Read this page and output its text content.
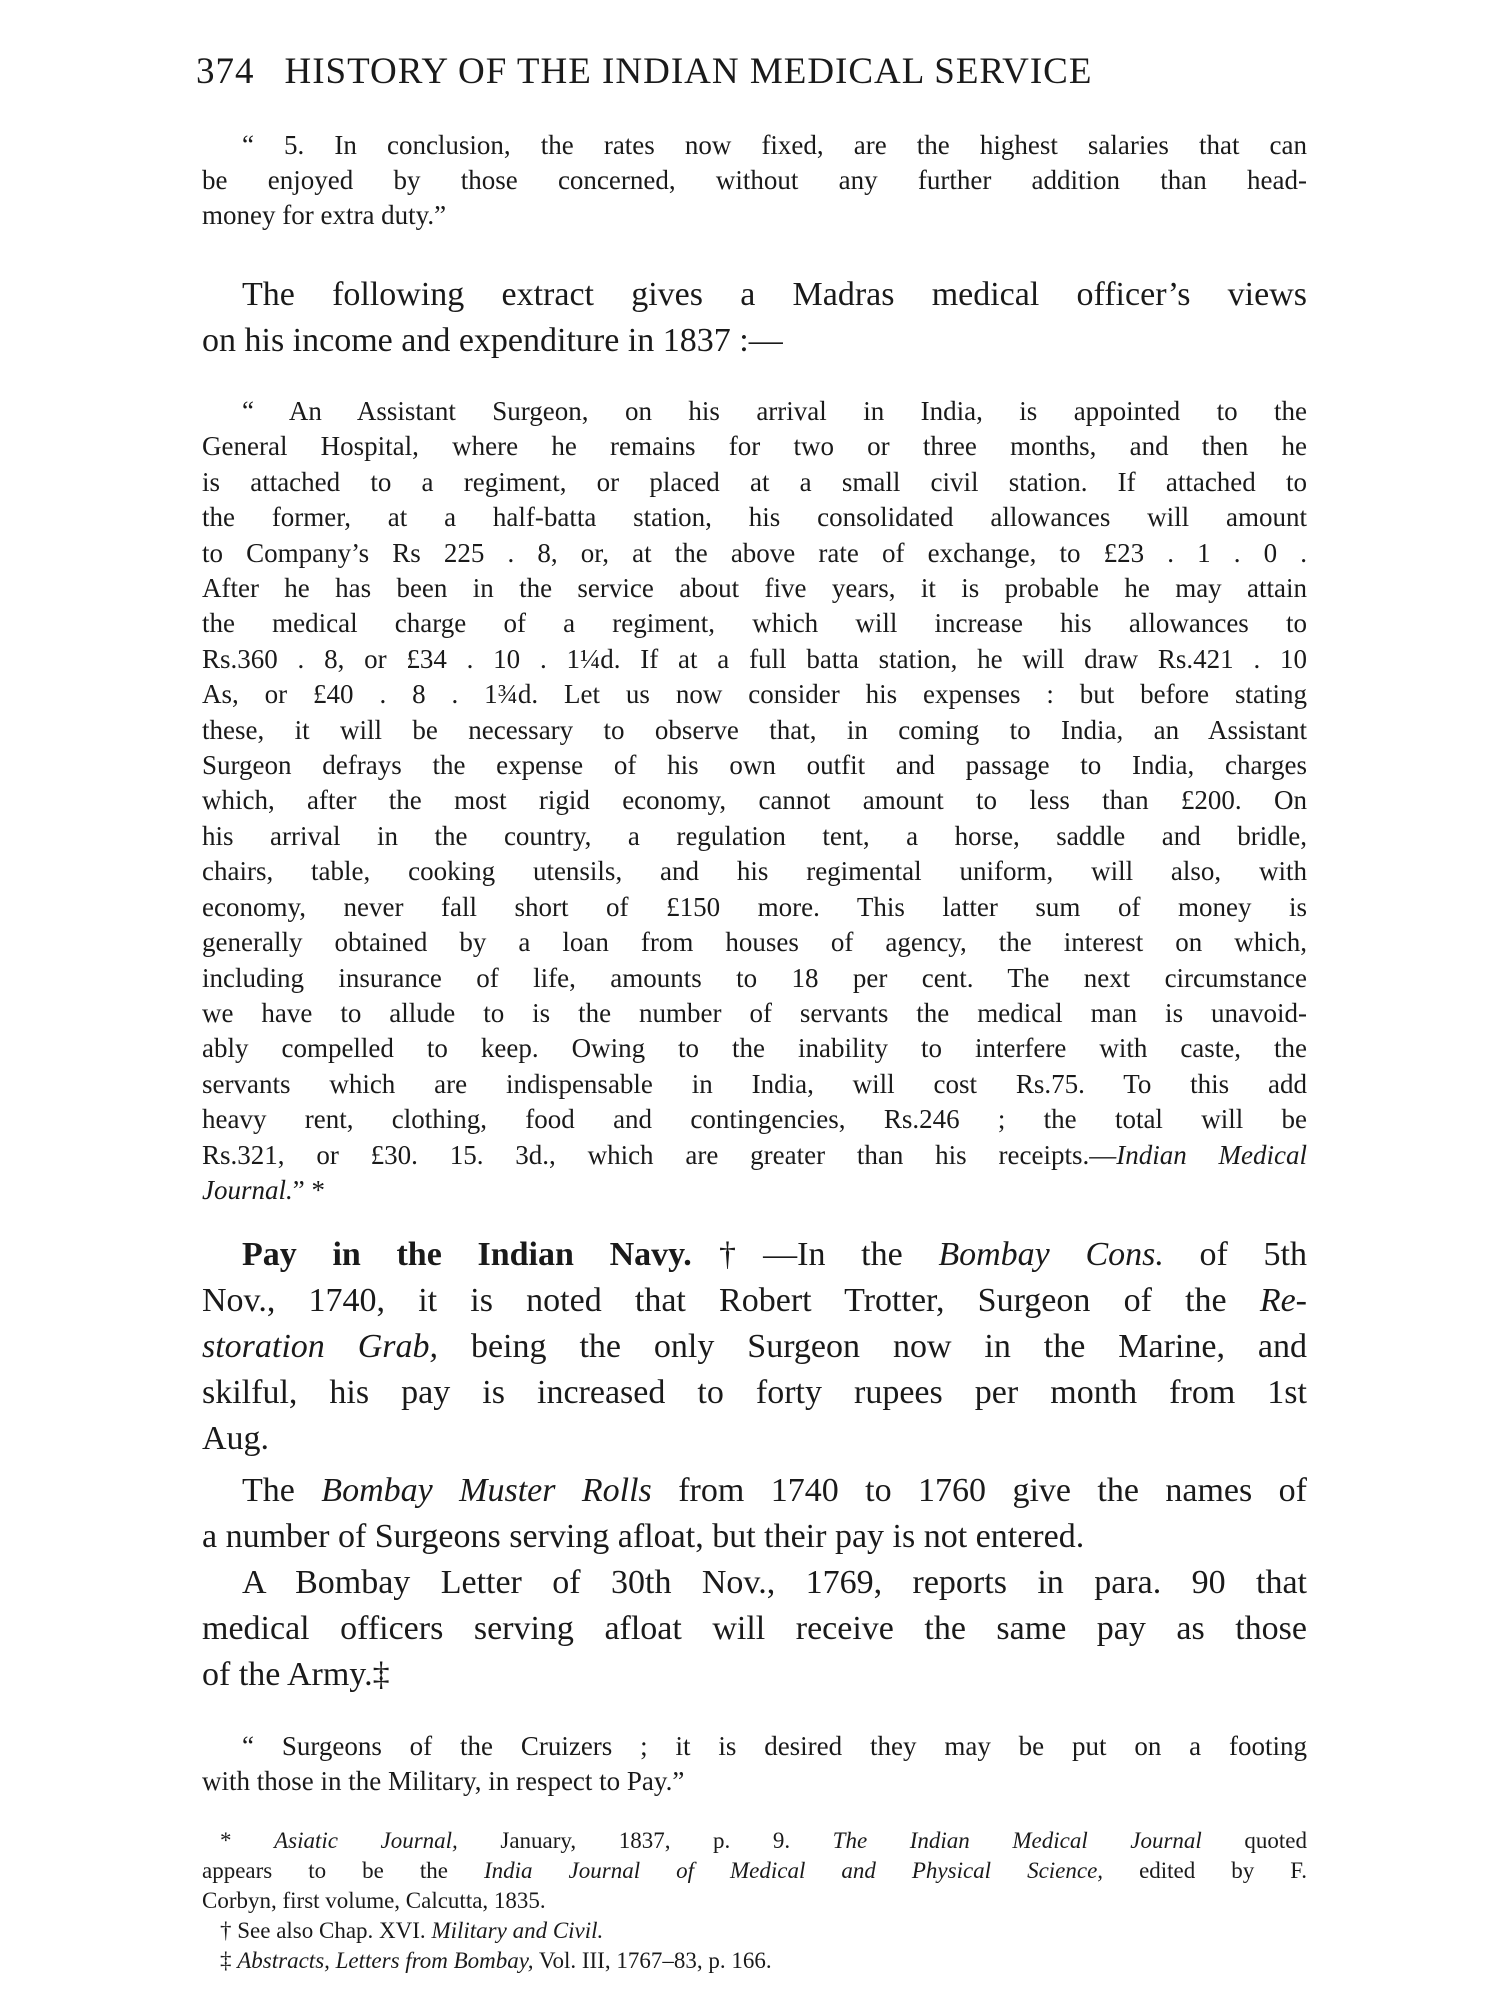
374 HISTORY OF THE INDIAN MEDICAL SERVICE
“ 5. In conclusion, the rates now fixed, are the highest salaries that can
be enjoyed by those concerned, without any further addition than head-
money for extra duty.”
The following extract gives a Madras medical officer’s views
on his income and expenditure in 1837 :—
“ An Assistant Surgeon, on his arrival in India, is appointed to the
General Hospital, where he remains for two or three months, and then he
is attached to a regiment, or placed at a small civil station. If attached to
the former, at a half-batta station, his consolidated allowances will amount
to Company’s Rs 225 . 8, or, at the above rate of exchange, to £23 . 1 . 0 .
After he has been in the service about five years, it is probable he may attain
the medical charge of a regiment, which will increase his allowances to
Rs.360 . 8, or £34 . 10 . 1¼d. If at a full batta station, he will draw Rs.421 . 10
As, or £40 . 8 . 1¾d. Let us now consider his expenses : but before stating
these, it will be necessary to observe that, in coming to India, an Assistant
Surgeon defrays the expense of his own outfit and passage to India, charges
which, after the most rigid economy, cannot amount to less than £200. On
his arrival in the country, a regulation tent, a horse, saddle and bridle,
chairs, table, cooking utensils, and his regimental uniform, will also, with
economy, never fall short of £150 more. This latter sum of money is
generally obtained by a loan from houses of agency, the interest on which,
including insurance of life, amounts to 18 per cent. The next circumstance
we have to allude to is the number of servants the medical man is unavoid-
ably compelled to keep. Owing to the inability to interfere with caste, the
servants which are indispensable in India, will cost Rs.75. To this add
heavy rent, clothing, food and contingencies, Rs.246 ; the total will be
Rs.321, or £30. 15. 3d., which are greater than his receipts.—Indian Medical
Journal.” *
Pay in the Indian Navy.†—In the Bombay Cons. of 5th
Nov., 1740, it is noted that Robert Trotter, Surgeon of the Re-
storation Grab, being the only Surgeon now in the Marine, and
skilful, his pay is increased to forty rupees per month from 1st
Aug.
The Bombay Muster Rolls from 1740 to 1760 give the names of
a number of Surgeons serving afloat, but their pay is not entered.
A Bombay Letter of 30th Nov., 1769, reports in para. 90 that
medical officers serving afloat will receive the same pay as those
of the Army.‡
“ Surgeons of the Cruizers ; it is desired they may be put on a footing
with those in the Military, in respect to Pay.”
* Asiatic Journal, January, 1837, p. 9. The Indian Medical Journal quoted
appears to be the India Journal of Medical and Physical Science, edited by F.
Corbyn, first volume, Calcutta, 1835.
† See also Chap. XVI. Military and Civil.
‡ Abstracts, Letters from Bombay, Vol. III, 1767–83, p. 166.
